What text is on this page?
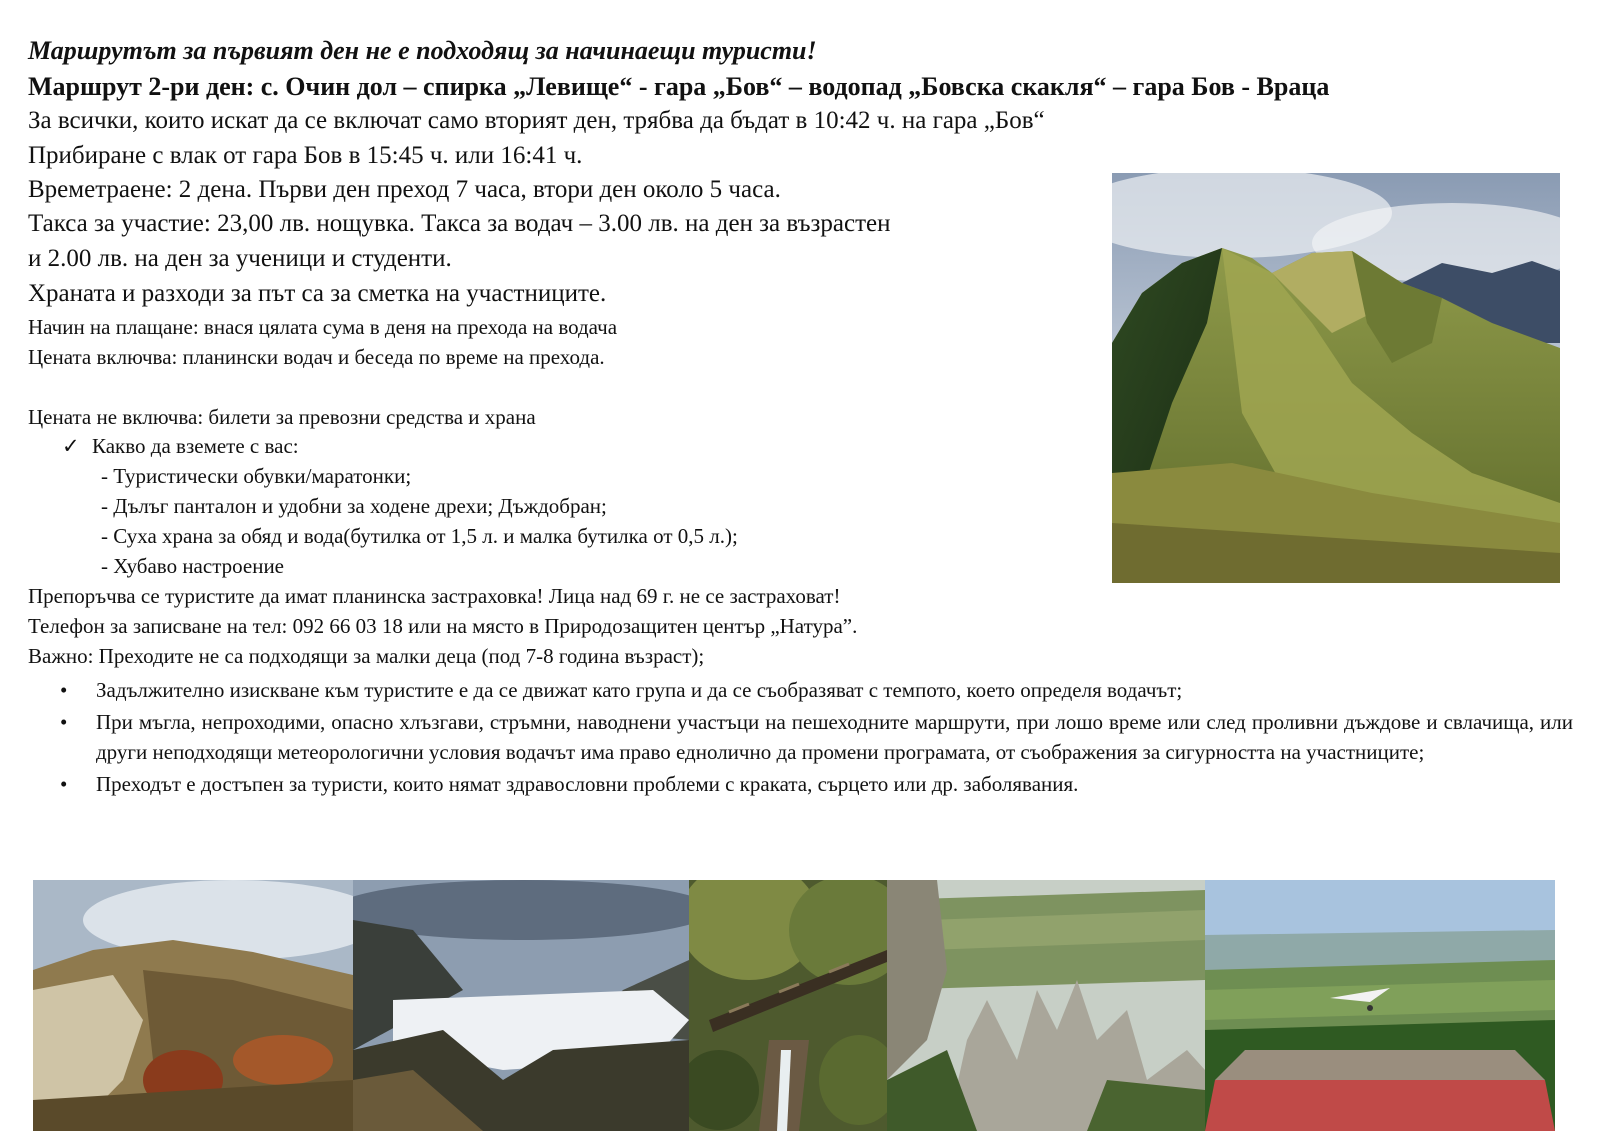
Маршрутът за първият ден не е подходящ за начинаещи туристи!
Маршрут 2-ри ден: с. Очин дол – спирка „Левище“ - гара „Бов“ – водопад „Бовска скакля“ – гара Бов - Враца
За всички, които искат да се включат само вторият ден, трябва да бъдат в 10:42 ч. на гара „Бов“
Прибиране с влак от гара Бов в 15:45 ч. или 16:41 ч.
Времетраене: 2 дена. Първи ден преход 7 часа, втори ден около 5 часа.
Такса за участие: 23,00 лв. нощувка. Такса за водач – 3.00 лв. на ден за възрастен
и 2.00 лв. на ден за ученици и студенти.
Храната и разходи за път са за сметка на участниците.
Начин на плащане: внася цялата сума в деня на прехода на водача
Цената включва: планински водач и беседа по време на прехода.
Цената не включва: билети за превозни средства и храна
✓ Какво да вземете с вас:
- Туристически обувки/маратонки;
- Дълъг панталон и удобни за ходене дрехи; Дъждобран;
- Суха храна за обяд и вода(бутилка от 1,5 л. и малка бутилка от 0,5 л.);
- Хубаво настроение
Препоръчва се туристите да имат планинска застраховка! Лица над 69 г. не се застраховат!
Телефон за записване на тел: 092 66 03 18 или на място в Природозащитен център „Натура”.
Важно: Преходите не са подходящи за малки деца (под 7-8 година възраст);
•	Задължително изискване към туристите е да се движат като група и да се съобразяват с темпото, което определя водачът;
•	При мъгла, непроходими, опасно хлъзгави, стръмни, наводнени участъци на пешеходните маршрути, при лошо време или след проливни дъждове и свлачища, или други неподходящи метеорологични условия водачът има право еднолично да промени програмата, от съображения за сигурността на участниците;
•	Преходът е достъпен за туристи, които нямат здравословни проблеми с краката, сърцето или др. заболявания.
